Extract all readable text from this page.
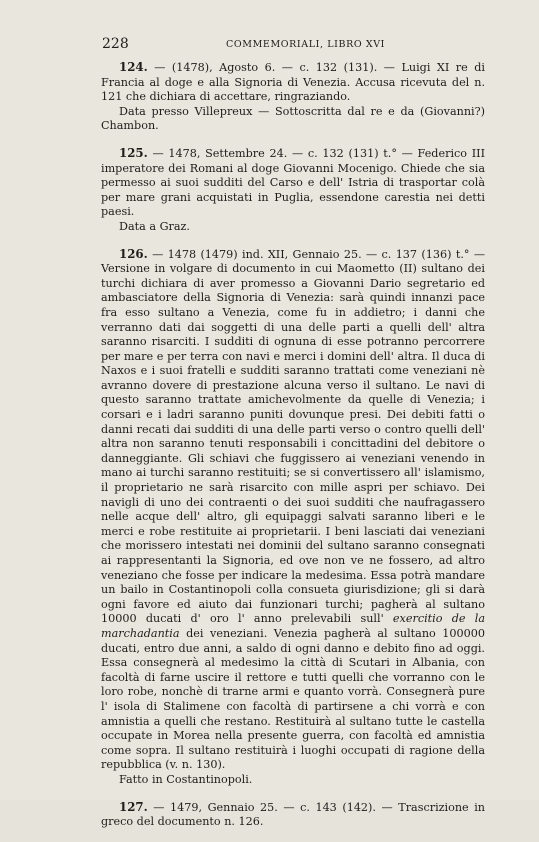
228	COMMEMORIALI, LIBRO XVI

124. — (1478), Agosto 6. — c. 132 (131). — Luigi XI re di Francia al doge e alla Signoria di Venezia. Accusa ricevuta del n. 121 che dichiara di accettare, ringraziando.

Data presso Villepreux — Sottoscritta dal re e da (Giovanni?) Chambon.

125. — 1478, Settembre 24. — c. 132 (131) t.° — Federico III imperatore dei Romani al doge Giovanni Mocenigo. Chiede che sia permesso ai suoi sudditi del Carso e dell' Istria di trasportar colà per mare grani acquistati in Puglia, essendone carestia nei detti paesi.

Data a Graz.

126. — 1478 (1479) ind. XII, Gennaio 25. — c. 137 (136) t.° — Versione in volgare di documento in cui Maometto (II) sultano dei turchi dichiara di aver promesso a Giovanni Dario segretario ed ambasciatore della Signoria di Venezia: sarà quindi innanzi pace fra esso sultano a Venezia, come fu in addietro; i danni che verranno dati dai soggetti di una delle parti a quelli dell' altra saranno risarciti. I sudditi di ognuna di esse potranno percorrere per mare e per terra con navi e merci i domini dell' altra. Il duca di Naxos e i suoi fratelli e sudditi saranno trattati come veneziani nè avranno dovere di prestazione alcuna verso il sultano. Le navi di questo saranno trattate amichevolmente da quelle di Venezia; i corsari e i ladri saranno puniti dovunque presi. Dei debiti fatti o danni recati dai sudditi di una delle parti verso o contro quelli dell' altra non saranno tenuti responsabili i concittadini del debitore o danneggiante. Gli schiavi che fuggissero ai veneziani venendo in mano ai turchi saranno restituiti; se si convertissero all' islamismo, il proprietario ne sarà risarcito con mille aspri per schiavo. Dei navigli di uno dei contraenti o dei suoi sudditi che naufragassero nelle acque dell' altro, gli equipaggi salvati saranno liberi e le merci e robe restituite ai proprietarii. I beni lasciati dai veneziani che morissero intestati nei dominii del sultano saranno consegnati ai rappresentanti la Signoria, ed ove non ve ne fossero, ad altro veneziano che fosse per indicare la medesima. Essa potrà mandare un bailo in Costantinopoli colla consueta giurisdizione; gli si darà ogni favore ed aiuto dai funzionari turchi; pagherà al sultano 10000 ducati d' oro l' anno prelevabili sull' exercitio de la marchadantia dei veneziani. Venezia pagherà al sultano 100000 ducati, entro due anni, a saldo di ogni danno e debito fino ad oggi. Essa consegnerà al medesimo la città di Scutari in Albania, con facoltà di farne uscire il rettore e tutti quelli che vorranno con le loro robe, nonchè di trarne armi e quanto vorrà. Consegnerà pure l' isola di Stalimene con facoltà di partirsene a chi vorrà e con amnistia a quelli che restano. Restituirà al sultano tutte le castella occupate in Morea nella presente guerra, con facoltà ed amnistia come sopra. Il sultano restituirà i luoghi occupati di ragione della repubblica (v. n. 130).

Fatto in Costantinopoli.

127. — 1479, Gennaio 25. — c. 143 (142). — Trascrizione in greco del documento n. 126.
